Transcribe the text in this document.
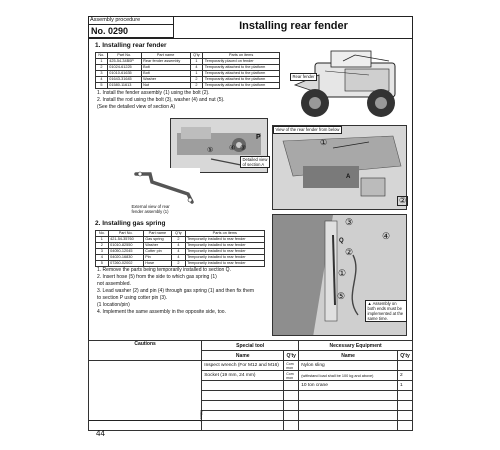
Assembly procedure
No. 0290	Installing rear fender
1. Installing rear fender
No.	Part No.	Part name	Q'ty	Parts on items
1	425-54-34B0P	Rear fender assembly	1	Temporarily placed on fender
2	01024-61225	Bolt	4	Temporarily attached to the platform
3	01010-61635	Bolt	1	Temporarily attached to the platform
4	01643-31645	Washer	2	Temporarily attached to the platform
5	01580-11613	Nut	2	Temporarily attached to the platform
1. Install the fender assembly (1) using the bolt (2).
2. Install the rod using the bolt (3), washer (4) and nut (5).
(See the detailed view of section A)
Rear fender
⑤ ④ ③
P
Detailed view of section A
External view of rear fender assembly (1)
View of the rear fender from below
①
A
②
2. Installing gas spring
No.	Part No.	Part name	Q'ty	Parts on items
1	421-54-35760	Gas spring	2	Temporarily installed to rear fender
2	01010-82550	Washer	4	Temporarily installed to rear fender
3	04050-12045	Cotter pin	4	Temporarily installed to rear fender
4	04020-16830	Pin	4	Temporarily installed to rear fender
5	07260-02002	Hose	2	Temporarily installed to rear fender
1. Remove the parts being temporarily installed to section Q.
2. Insert hose (5) from the side to which gas spring (1)
not assembled.
3. Lead washer (2) and pin (4) through gas spring (1) and then fix them
to section P using cotter pin (3).
(1 location/pin)
4. Implement the same assembly in the opposite side, too.
③
④
Q
②
①
⑤
▲ Assembly on both ends must be implemented at the same time.
Cautions	Special tool		Necessary Equipment	
	Name	Q'ty	Name	Q'ty
	Inspect wrench (For M12 and M16)	Com mon	Nylon sling	
	Socket (19 mm, 24 mm)	Com mon	(withstand load shall be 100 kg and above)	2
			10 ton crane	1

Others
44
